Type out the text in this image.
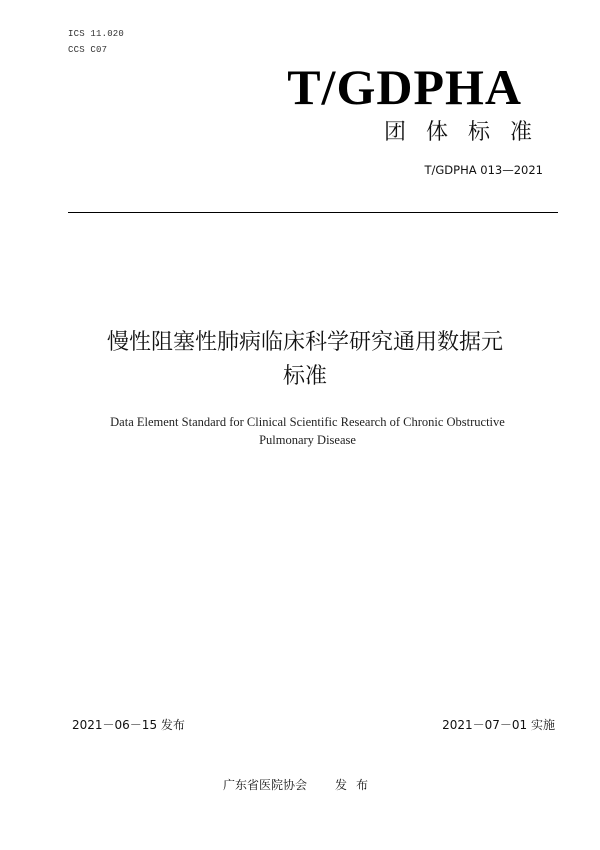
ICS 11.020
CCS C07
T/GDPHA
团体标准
T/GDPHA 013—2021
慢性阻塞性肺病临床科学研究通用数据元
标准
Data Element Standard for Clinical Scientific Research of Chronic Obstructive
Pulmonary Disease
2021－06－15 发布	2021－07－01 实施
广东省医院协会 发布
